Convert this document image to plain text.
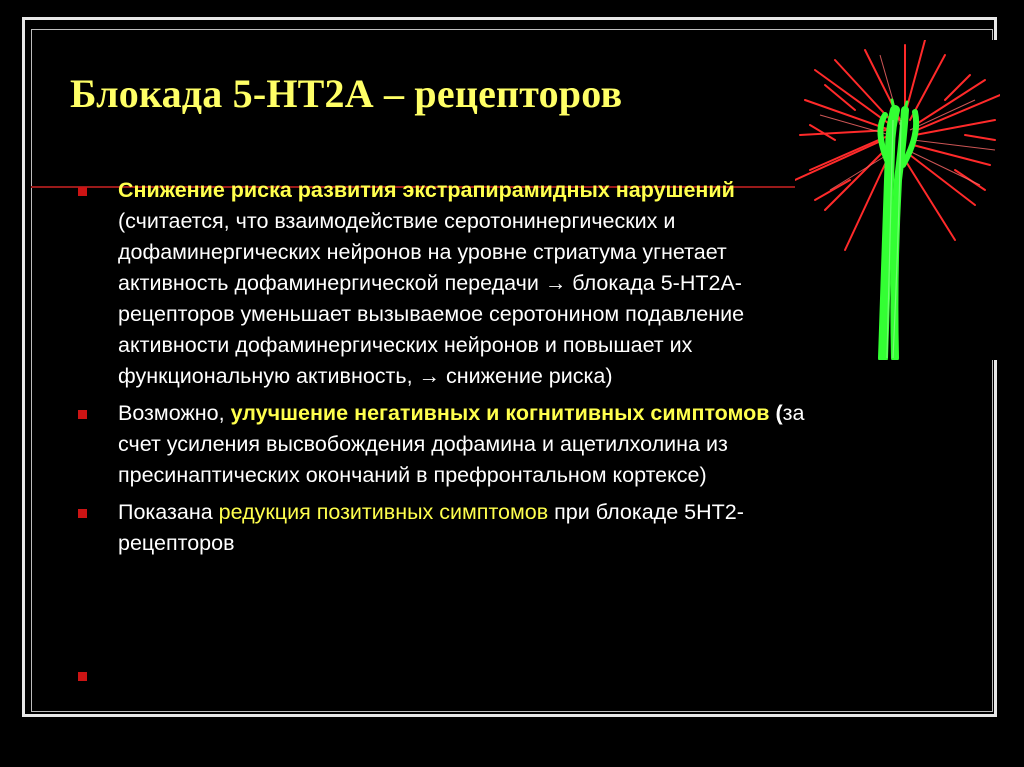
Блокада 5-НТ2А – рецепторов
Снижение риска развития экстрапирамидных нарушений (считается, что взаимодействие серотонинергических и дофаминергических нейронов на уровне стриатума угнетает активность дофаминергической передачи → блокада 5-НТ2А-рецепторов уменьшает вызываемое серотонином подавление активности дофаминергических нейронов и повышает их функциональную активность, → снижение риска)
Возможно, улучшение негативных и когнитивных симптомов (за счет усиления высвобождения дофамина и ацетилхолина из пресинаптических окончаний в префронтальном кортексе)
Показана редукция позитивных симптомов при блокаде 5НТ2-рецепторов
